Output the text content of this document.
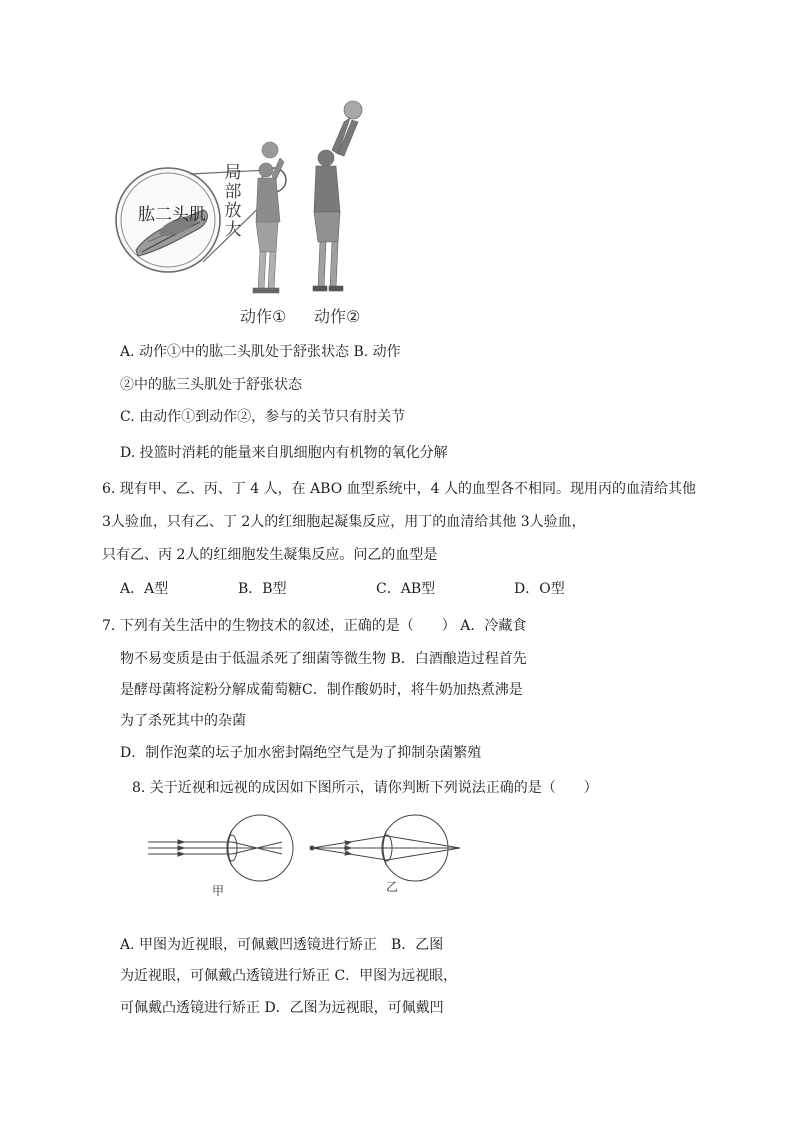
肱二头肌
局部放大
动作① 动作②
A. 动作①中的肱二头肌处于舒张状态 B. 动作
②中的肱三头肌处于舒张状态
C. 由动作①到动作②，参与的关节只有肘关节
D. 投篮时消耗的能量来自肌细胞内有机物的氧化分解
6. 现有甲、乙、丙、丁 4 人，在 ABO 血型系统中，4 人的血型各不相同。现用丙的血清给其他
3人验血，只有乙、丁 2人的红细胞起凝集反应，用丁的血清给其他 3人验血，
只有乙、丙 2人的红细胞发生凝集反应。问乙的血型是
A．A型	B．B型	C．AB型	D．O型
7. 下列有关生活中的生物技术的叙述，正确的是（　　） A．冷藏食
物不易变质是由于低温杀死了细菌等微生物 B．白酒酿造过程首先
是酵母菌将淀粉分解成葡萄糖C．制作酸奶时，将牛奶加热煮沸是
为了杀死其中的杂菌
D．制作泡菜的坛子加水密封隔绝空气是为了抑制杂菌繁殖
8. 关于近视和远视的成因如下图所示，请你判断下列说法正确的是（　　）
甲	乙
A. 甲图为近视眼，可佩戴凹透镜进行矫正　B．乙图
为近视眼，可佩戴凸透镜进行矫正 C．甲图为远视眼，
可佩戴凸透镜进行矫正 D．乙图为远视眼，可佩戴凹
